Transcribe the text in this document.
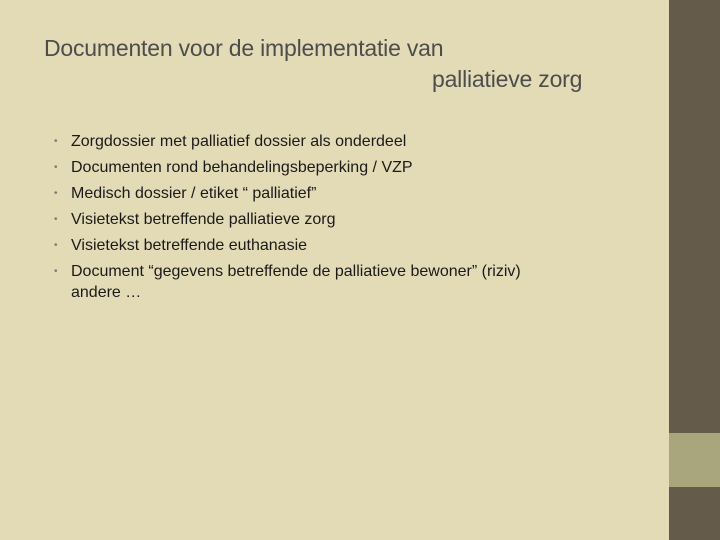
Documenten voor de implementatie van
palliatieve zorg
• Zorgdossier met palliatief dossier als onderdeel
• Documenten rond behandelingsbeperking / VZP
• Medisch dossier / etiket “ palliatief”
• Visietekst betreffende palliatieve zorg
• Visietekst betreffende euthanasie
• Document “gegevens betreffende de palliatieve bewoner” (riziv)
andere …
